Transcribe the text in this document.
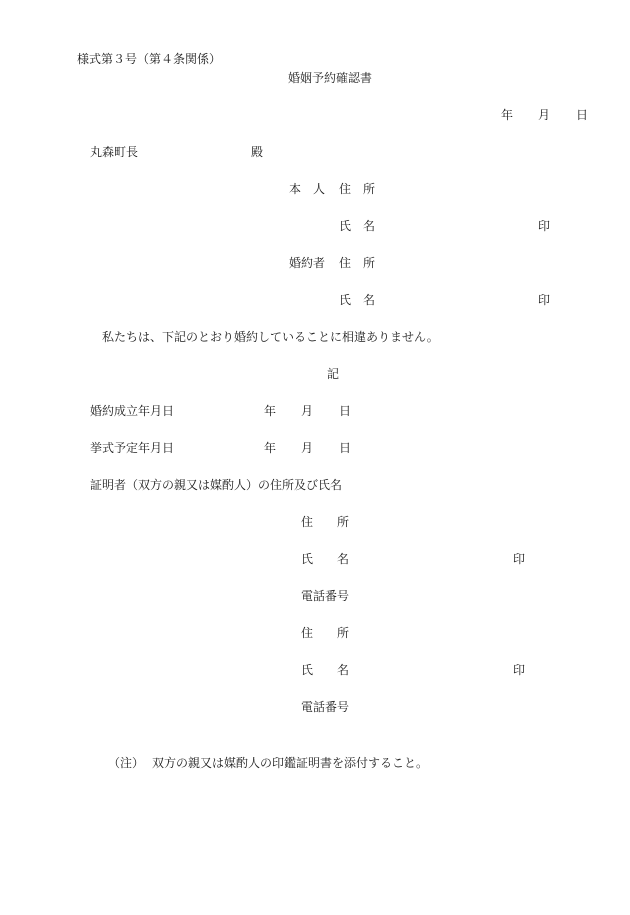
様式第３号（第４条関係）
婚姻予約確認書
年 月 日
丸森町長	殿
本　人 住　所
氏　名	印
婚約者 住　所
氏　名	印
私たちは、下記のとおり婚約していることに相違ありません。
記
婚約成立年月日	年 月 日
挙式予定年月日	年 月 日
証明者（双方の親又は媒酌人）の住所及び氏名
住　　所
氏　　名	印
電話番号
住　　所
氏　　名	印
電話番号
（注） 双方の親又は媒酌人の印鑑証明書を添付すること。
